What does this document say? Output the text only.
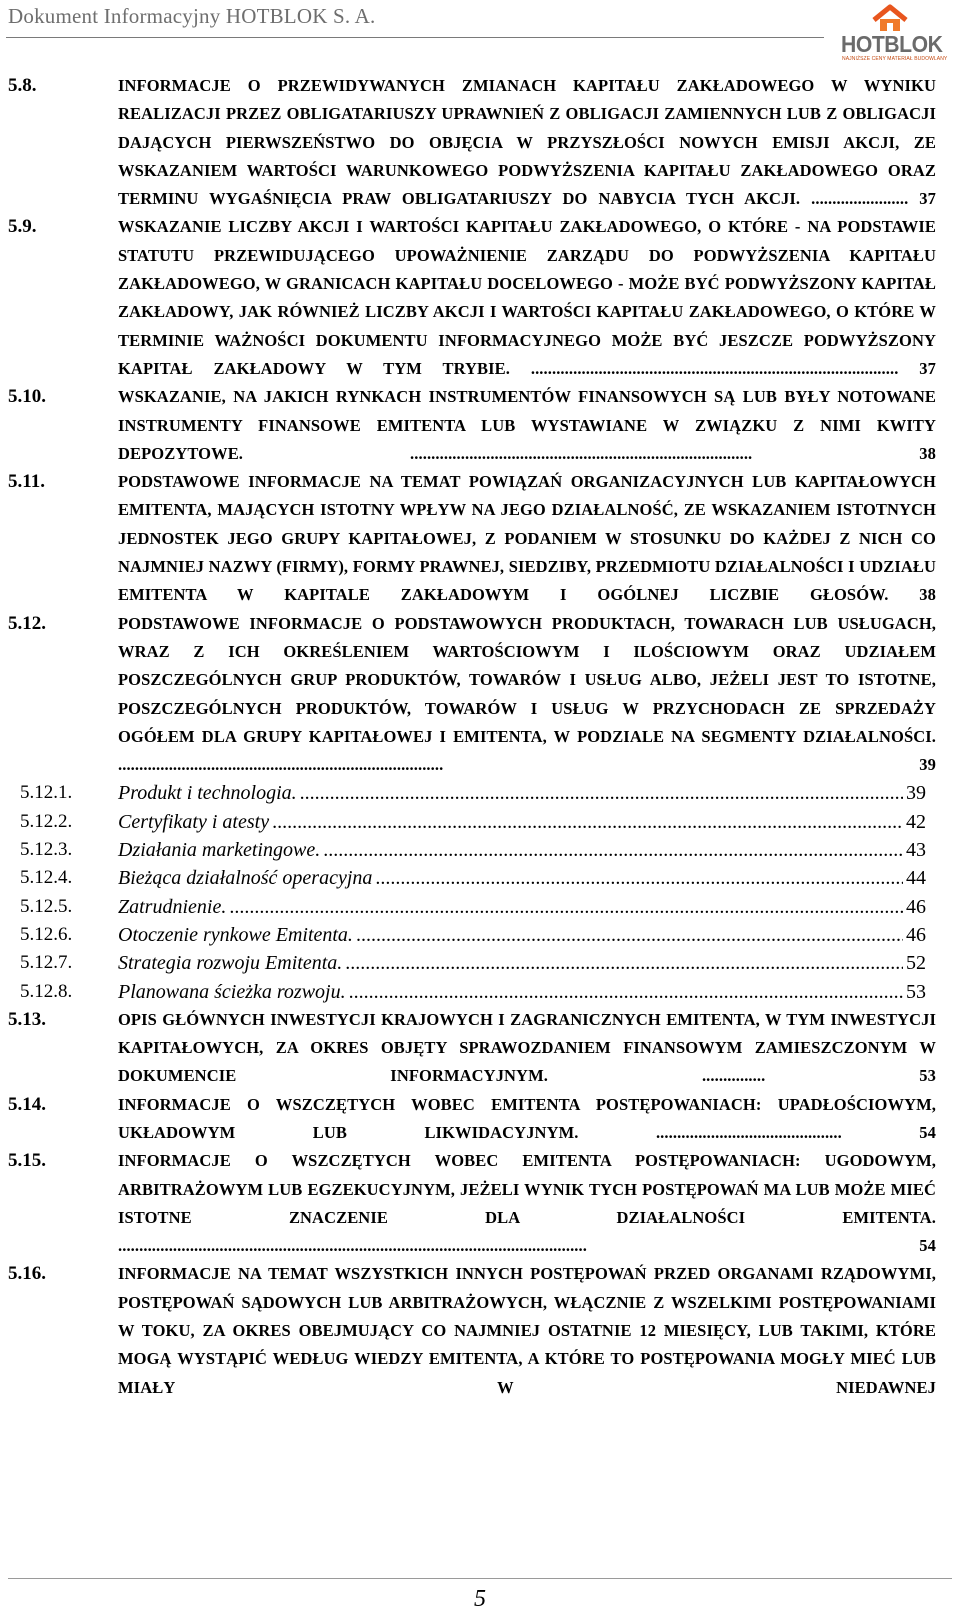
Dokument Informacyjny HOTBLOK S. A.
HOTBLOK
NAJNIŻSZE CENY MATERIAŁ BUDOWLANY
5.8.	INFORMACJE O PRZEWIDYWANYCH ZMIANACH KAPITAŁU ZAKŁADOWEGO W WYNIKU REALIZACJI PRZEZ OBLIGATARIUSZY UPRAWNIEŃ Z OBLIGACJI ZAMIENNYCH LUB Z OBLIGACJI DAJĄCYCH PIERWSZEŃSTWO DO OBJĘCIA W PRZYSZŁOŚCI NOWYCH EMISJI AKCJI, ZE WSKAZANIEM WARTOŚCI WARUNKOWEGO PODWYŻSZENIA KAPITAŁU ZAKŁADOWEGO ORAZ TERMINU WYGAŚNIĘCIA PRAW OBLIGATARIUSZY DO NABYCIA TYCH AKCJI. ....................... 37
5.9.	WSKAZANIE LICZBY AKCJI I WARTOŚCI KAPITAŁU ZAKŁADOWEGO, O KTÓRE - NA PODSTAWIE STATUTU PRZEWIDUJĄCEGO UPOWAŻNIENIE ZARZĄDU DO PODWYŻSZENIA KAPITAŁU ZAKŁADOWEGO, W GRANICACH KAPITAŁU DOCELOWEGO - MOŻE BYĆ PODWYŻSZONY KAPITAŁ ZAKŁADOWY, JAK RÓWNIEŻ LICZBY AKCJI I WARTOŚCI KAPITAŁU ZAKŁADOWEGO, O KTÓRE W TERMINIE WAŻNOŚCI DOKUMENTU INFORMACYJNEGO MOŻE BYĆ JESZCZE PODWYŻSZONY KAPITAŁ ZAKŁADOWY W TYM TRYBIE. ....................................................................................... 37
5.10.	WSKAZANIE, NA JAKICH RYNKACH INSTRUMENTÓW FINANSOWYCH SĄ LUB BYŁY NOTOWANE INSTRUMENTY FINANSOWE EMITENTA LUB WYSTAWIANE W ZWIĄZKU Z NIMI KWITY DEPOZYTOWE. ................................................................................. 38
5.11.	PODSTAWOWE INFORMACJE NA TEMAT POWIĄZAŃ ORGANIZACYJNYCH LUB KAPITAŁOWYCH EMITENTA, MAJĄCYCH ISTOTNY WPŁYW NA JEGO DZIAŁALNOŚĆ, ZE WSKAZANIEM ISTOTNYCH JEDNOSTEK JEGO GRUPY KAPITAŁOWEJ, Z PODANIEM W STOSUNKU DO KAŻDEJ Z NICH CO NAJMNIEJ NAZWY (FIRMY), FORMY PRAWNEJ, SIEDZIBY, PRZEDMIOTU DZIAŁALNOŚCI I UDZIAŁU EMITENTA W KAPITALE ZAKŁADOWYM I OGÓLNEJ LICZBIE GŁOSÓW. 38
5.12.	PODSTAWOWE INFORMACJE O PODSTAWOWYCH PRODUKTACH, TOWARACH LUB USŁUGACH, WRAZ Z ICH OKREŚLENIEM WARTOŚCIOWYM I ILOŚCIOWYM ORAZ UDZIAŁEM POSZCZEGÓLNYCH GRUP PRODUKTÓW, TOWARÓW I USŁUG ALBO, JEŻELI JEST TO ISTOTNE, POSZCZEGÓLNYCH PRODUKTÓW, TOWARÓW I USŁUG W PRZYCHODACH ZE SPRZEDAŻY OGÓŁEM DLA GRUPY KAPITAŁOWEJ I EMITENTA, W PODZIALE NA SEGMENTY DZIAŁALNOŚCI. ............................................................................. 39
5.12.1. Produkt i technologia. .....	39
5.12.2. Certyfikaty i atesty .....	42
5.12.3. Działania marketingowe. .....	43
5.12.4. Bieżąca działalność operacyjna .....	44
5.12.5. Zatrudnienie. .....	46
5.12.6. Otoczenie rynkowe Emitenta. .....	46
5.12.7. Strategia rozwoju Emitenta. .....	52
5.12.8. Planowana ścieżka rozwoju. .....	53
5.13.	OPIS GŁÓWNYCH INWESTYCJI KRAJOWYCH I ZAGRANICZNYCH EMITENTA, W TYM INWESTYCJI KAPITAŁOWYCH, ZA OKRES OBJĘTY SPRAWOZDANIEM FINANSOWYM ZAMIESZCZONYM W DOKUMENCIE INFORMACYJNYM. ............... 53
5.14.	INFORMACJE O WSZCZĘTYCH WOBEC EMITENTA POSTĘPOWANIACH: UPADŁOŚCIOWYM, UKŁADOWYM LUB LIKWIDACYJNYM. ............................................ 54
5.15.	INFORMACJE O WSZCZĘTYCH WOBEC EMITENTA POSTĘPOWANIACH: UGODOWYM, ARBITRAŻOWYM LUB EGZEKUCYJNYM, JEŻELI WYNIK TYCH POSTĘPOWAŃ MA LUB MOŻE MIEĆ ISTOTNE ZNACZENIE DLA DZIAŁALNOŚCI EMITENTA. ............................................................................................................... 54
5.16.	INFORMACJE NA TEMAT WSZYSTKICH INNYCH POSTĘPOWAŃ PRZED ORGANAMI RZĄDOWYMI, POSTĘPOWAŃ SĄDOWYCH LUB ARBITRAŻOWYCH, WŁĄCZNIE Z WSZELKIMI POSTĘPOWANIAMI W TOKU, ZA OKRES OBEJMUJĄCY CO NAJMNIEJ OSTATNIE 12 MIESIĘCY, LUB TAKIMI, KTÓRE MOGĄ WYSTĄPIĆ WEDŁUG WIEDZY EMITENTA, A KTÓRE TO POSTĘPOWANIA MOGŁY MIEĆ LUB MIAŁY W NIEDAWNEJ
5
